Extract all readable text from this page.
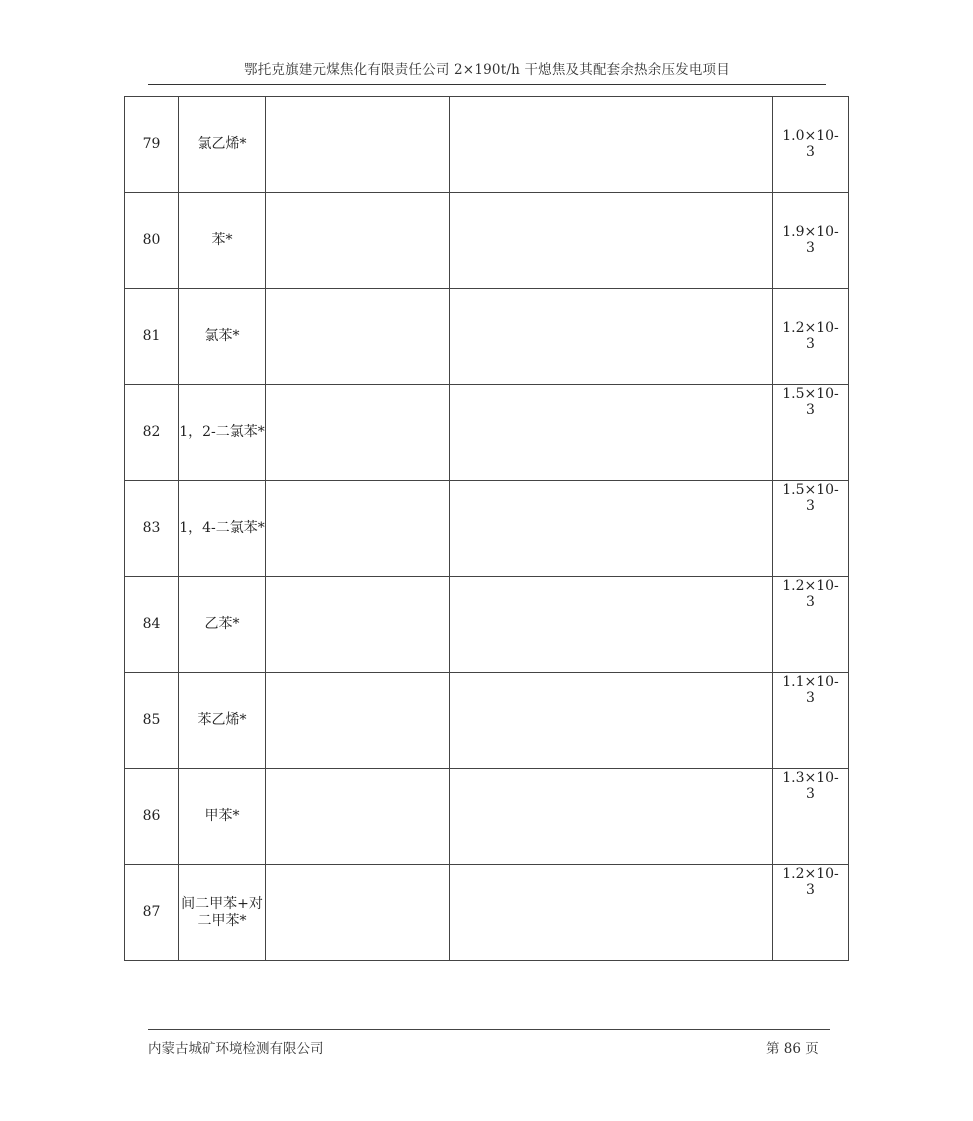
鄂托克旗建元煤焦化有限责任公司 2×190t/h 干熄焦及其配套余热余压发电项目
79	氯乙烯*			1.0×10-3

80	苯*			1.9×10-3

81	氯苯*			1.2×10-3

82	1，2-二氯苯*			1.5×10-3

83	1，4-二氯苯*			1.5×10-3

84	乙苯*			1.2×10-3

85	苯乙烯*			1.1×10-3

86	甲苯*			1.3×10-3

87	间二甲苯+对二甲苯*			1.2×10-3
内蒙古城矿环境检测有限公司	第 86 页
